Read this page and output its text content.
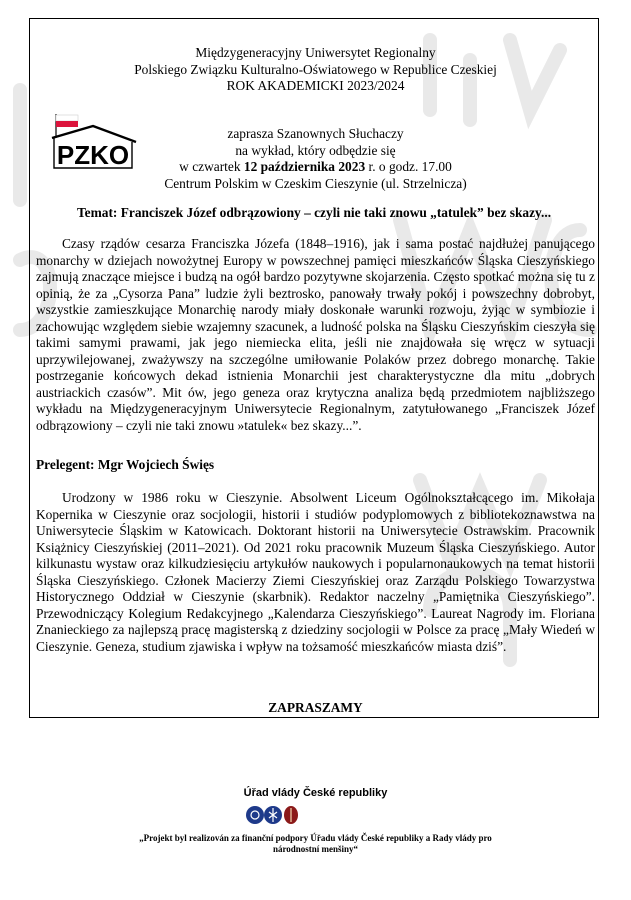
Międzygeneracyjny Uniwersytet Regionalny
Polskiego Związku Kulturalno-Oświatowego w Republice Czeskiej
ROK AKADEMICKI 2023/2024
PZKO
zaprasza Szanownych Słuchaczy
na wykład, który odbędzie się
w czwartek 12 października 2023 r. o godz. 17.00
Centrum Polskim w Czeskim Cieszynie (ul. Strzelnicza)
Temat: Franciszek Józef odbrązowiony – czyli nie taki znowu „tatulek” bez skazy...

Czasy rządów cesarza Franciszka Józefa (1848–1916), jak i sama postać najdłużej panującego monarchy w dziejach nowożytnej Europy w powszechnej pamięci mieszkańców Śląska Cieszyńskiego zajmują znaczące miejsce i budzą na ogół bardzo pozytywne skojarzenia. Często spotkać można się tu z opinią, że za „Cysorza Pana” ludzie żyli beztrosko, panowały trwały pokój i powszechny dobrobyt, wszystkie zamieszkujące Monarchię narody miały doskonałe warunki rozwoju, żyjąc w symbiozie i zachowując względem siebie wzajemny szacunek, a ludność polska na Śląsku Cieszyńskim cieszyła się takimi samymi prawami, jak jego niemiecka elita, jeśli nie znajdowała się wręcz w sytuacji uprzywilejowanej, zważywszy na szczególne umiłowanie Polaków przez dobrego monarchę. Takie postrzeganie końcowych dekad istnienia Monarchii jest charakterystyczne dla mitu „dobrych austriackich czasów”. Mit ów, jego geneza oraz krytyczna analiza będą przedmiotem najbliższego wykładu na Międzygeneracyjnym Uniwersytecie Regionalnym, zatytułowanego „Franciszek Józef odbrązowiony – czyli nie taki znowu »tatulek« bez skazy...”.

Prelegent: Mgr Wojciech Święs

Urodzony w 1986 roku w Cieszynie. Absolwent Liceum Ogólnokształcącego im. Mikołaja Kopernika w Cieszynie oraz socjologii, historii i studiów podyplomowych z bibliotekoznawstwa na Uniwersytecie Śląskim w Katowicach. Doktorant historii na Uniwersytecie Ostrawskim. Pracownik Książnicy Cieszyńskiej (2011–2021). Od 2021 roku pracownik Muzeum Śląska Cieszyńskiego. Autor kilkunastu wystaw oraz kilkudziesięciu artykułów naukowych i popularnonaukowych na temat historii Śląska Cieszyńskiego. Członek Macierzy Ziemi Cieszyńskiej oraz Zarządu Polskiego Towarzystwa Historycznego Oddział w Cieszynie (skarbnik). Redaktor naczelny „Pamiętnika Cieszyńskiego”. Przewodniczący Kolegium Redakcyjnego „Kalendarza Cieszyńskiego”. Laureat Nagrody im. Floriana Znanieckiego za najlepszą pracę magisterską z dziedziny socjologii w Polsce za pracę „Mały Wiedeń w Cieszynie. Geneza, studium zjawiska i wpływ na tożsamość mieszkańców miasta dziś”.

ZAPRASZAMY
Úřad vlády České republiky
„Projekt byl realizován za finanční podpory Úřadu vlády České republiky a Rady vlády pro
národnostní menšiny“
